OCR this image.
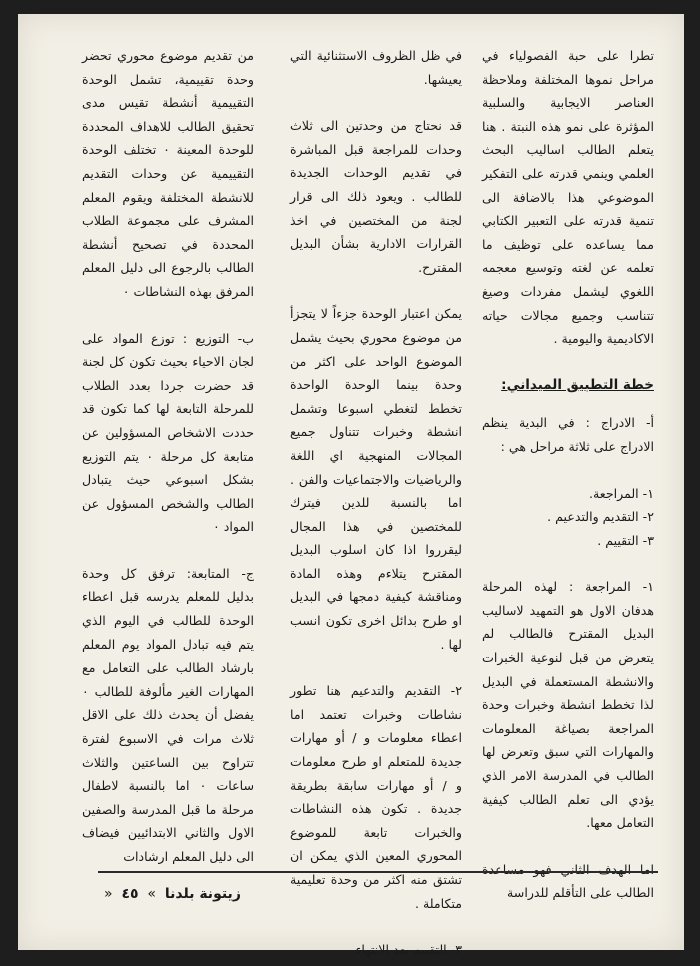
تطرا على حبة الفصولياء في مراحل نموها المختلفة وملاحظة العناصر الايجابية والسلبية المؤثرة على نمو هذه النبتة . هنا يتعلم الطالب اساليب البحث العلمي وينمي قدرته على التفكير الموضوعي هذا بالاضافة الى تنمية قدرته على التعبير الكتابي مما يساعده على توظيف ما تعلمه عن لغته وتوسيع معجمه اللغوي ليشمل مفردات وصيغ تتناسب وجميع مجالات حياته الاكاديمية واليومية .

خطة التطبيق الميداني:

أ- الادراج : في البدية ينظم الادراج على ثلاثة مراحل هي :

١- المراجعة.
٢- التقديم والتدعيم .
٣- التقييم .

١- المراجعة : لهذه المرحلة هدفان الاول هو التمهيد لاساليب البديل المقترح فالطالب لم يتعرض من قبل لنوعية الخبرات والانشطة المستعملة في البديل لذا تخطط انشطة وخبرات وحدة المراجعة بصياغة المعلومات والمهارات التي سبق وتعرض لها الطالب في المدرسة الامر الذي يؤدي الى تعلم الطالب كيفية التعامل معها.

اما الهدف الثاني فهو مساعدة الطالب على التأقلم للدراسة

في ظل الظروف الاستثنائية التي يعيشها.

قد نحتاج من وحدتين الى ثلاث وحدات للمراجعة قبل المباشرة في تقديم الوحدات الجديدة للطالب . ويعود ذلك الى قرار لجنة من المختصين في اخذ القرارات الادارية بشأن البديل المقترح.

يمكن اعتبار الوحدة جزءاً لا يتجزأ من موضوع محوري بحيث يشمل الموضوع الواحد على اكثر من وحدة بينما الوحدة الواحدة تخطط لتغطي اسبوعا وتشمل انشطة وخبرات تتناول جميع المجالات المنهجية اي اللغة والرياضيات والاجتماعيات والفن . اما بالنسبة للدين فيترك للمختصين في هذا المجال ليقرروا اذا كان اسلوب البديل المقترح يتلاءم وهذه المادة ومناقشة كيفية دمجها في البديل او طرح بدائل اخرى تكون انسب لها .

٢- التقديم والتدعيم هنا تطور نشاطات وخبرات تعتمد اما اعطاء معلومات و / أو مهارات جديدة للمتعلم او طرح معلومات و / أو مهارات سابقة بطريقة جديدة . تكون هذه النشاطات والخبرات تابعة للموضوع المحوري المعين الذي يمكن ان تشتق منه اكثر من وحدة تعليمية متكاملة .

٣- التقييم بعد الانتهاء

من تقديم موضوع محوري تحضر وحدة تقييمية، تشمل الوحدة التقييمية أنشطة تقيس مدى تحقيق الطالب للاهداف المحددة للوحدة المعينة ٠ تختلف الوحدة التقييمية عن وحدات التقديم للانشطة المختلفة ويقوم المعلم المشرف على مجموعة الطلاب المحددة في تصحيح أنشطة الطالب بالرجوع الى دليل المعلم المرفق بهذه النشاطات ٠

ب- التوزيع : توزع المواد على لجان الاحياء بحيث تكون كل لجنة قد حضرت جردا بعدد الطلاب للمرحلة التابعة لها كما تكون قد حددت الاشخاص المسؤولين عن متابعة كل مرحلة ٠ يتم التوزيع بشكل اسبوعي حيث يتبادل الطالب والشخص المسؤول عن المواد ٠

ج- المتابعة: ترفق كل وحدة بدليل للمعلم يدرسه قبل اعطاء الوحدة للطالب في اليوم الذي يتم فيه تبادل المواد يوم المعلم بارشاد الطالب على التعامل مع المهارات الغير مألوفة للطالب ٠ يفضل أن يحدث ذلك على الاقل ثلاث مرات في الاسبوع لفترة تتراوح بين الساعتين والثلاث ساعات ٠ اما بالنسبة لاطفال مرحلة ما قبل المدرسة والصفين الاول والثاني الابتدائيين فيضاف الى دليل المعلم ارشادات

زيتونة بلدنا » ٤٥ «
